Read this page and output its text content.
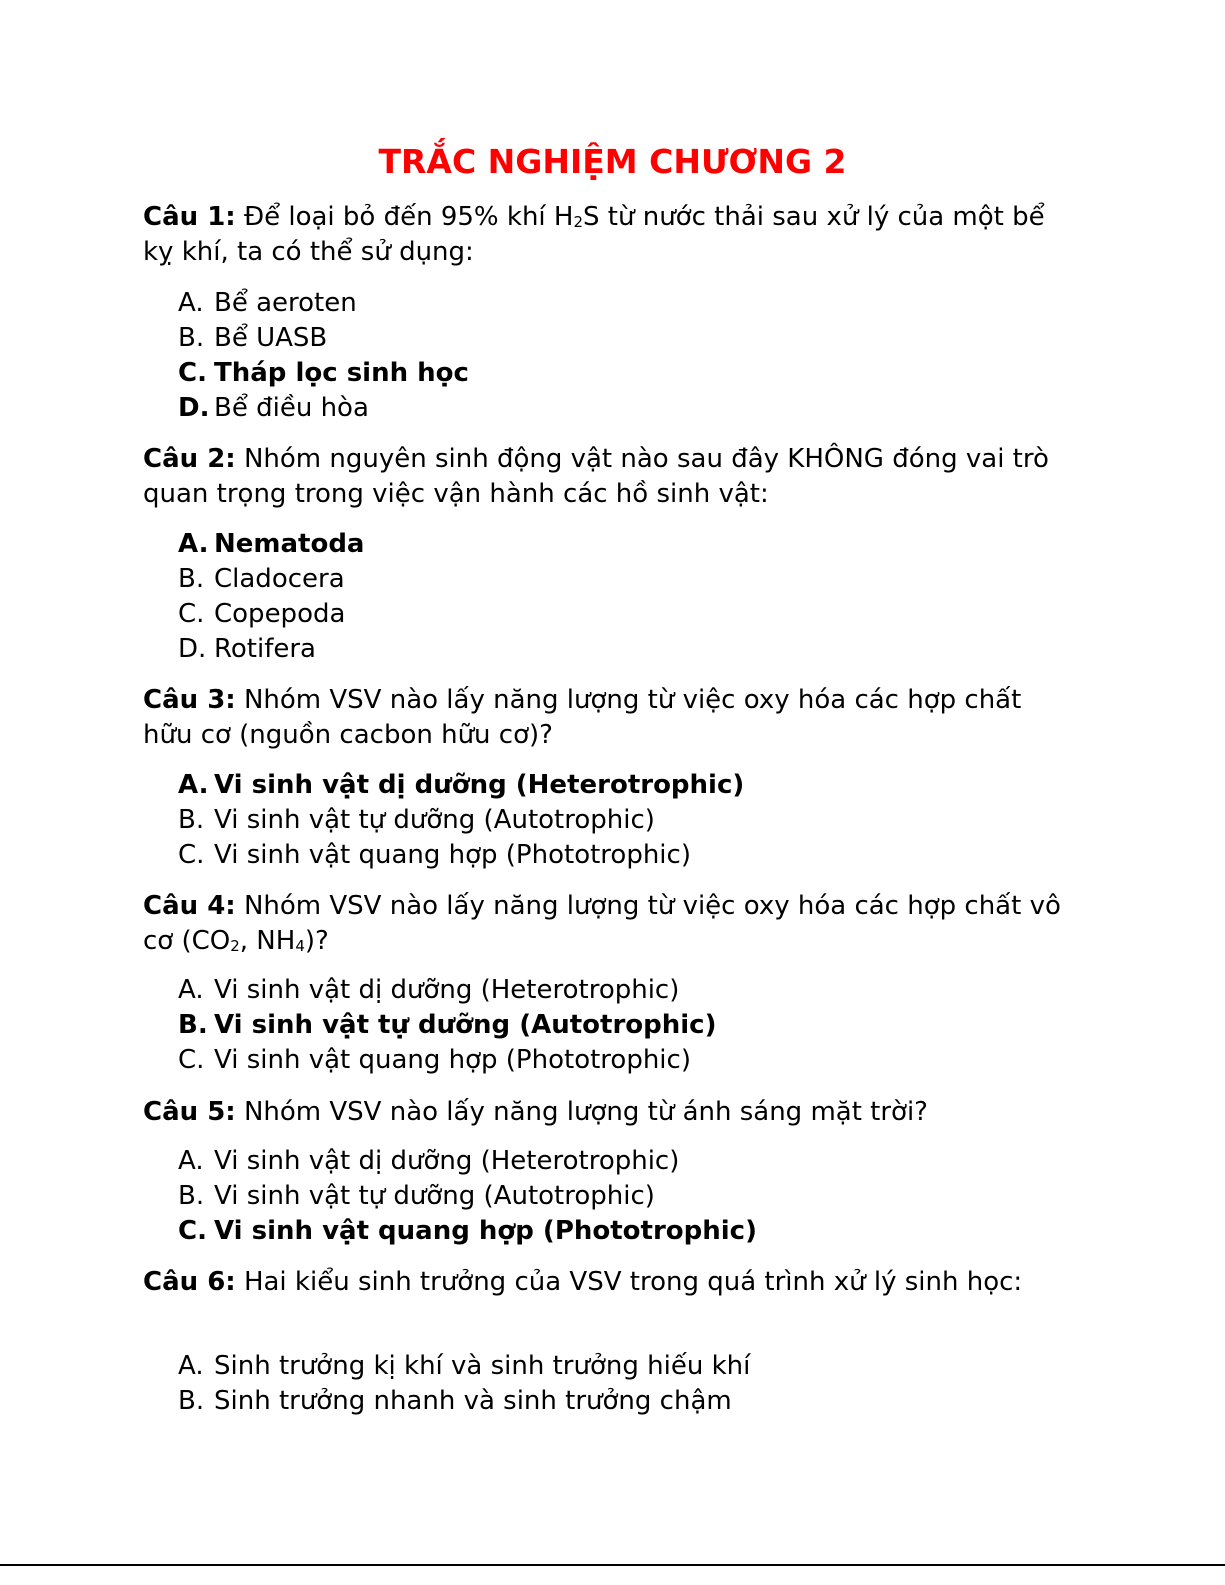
TRẮC NGHIỆM CHƯƠNG 2
Câu 1: Để loại bỏ đến 95% khí $H_2S$ từ nước thải sau xử lý của một bể kỵ khí, ta có thể sử dụng:
A. Bể aeroten
B. Bể UASB
C. Tháp lọc sinh học
D. Bể điều hòa
Câu 2: Nhóm nguyên sinh động vật nào sau đây KHÔNG đóng vai trò quan trọng trong việc vận hành các hồ sinh vật:
A. Nematoda
B. Cladocera
C. Copepoda
D. Rotifera
Câu 3: Nhóm VSV nào lấy năng lượng từ việc oxy hóa các hợp chất hữu cơ (nguồn cacbon hữu cơ)?
A. Vi sinh vật dị dưỡng (Heterotrophic)
B. Vi sinh vật tự dưỡng (Autotrophic)
C. Vi sinh vật quang hợp (Phototrophic)
Câu 4: Nhóm VSV nào lấy năng lượng từ việc oxy hóa các hợp chất vô cơ ($CO_2$, $NH_4$)?
A. Vi sinh vật dị dưỡng (Heterotrophic)
B. Vi sinh vật tự dưỡng (Autotrophic)
C. Vi sinh vật quang hợp (Phototrophic)
Câu 5: Nhóm VSV nào lấy năng lượng từ ánh sáng mặt trời?
A. Vi sinh vật dị dưỡng (Heterotrophic)
B. Vi sinh vật tự dưỡng (Autotrophic)
C. Vi sinh vật quang hợp (Phototrophic)
Câu 6: Hai kiểu sinh trưởng của VSV trong quá trình xử lý sinh học:
A. Sinh trưởng kị khí và sinh trưởng hiếu khí
B. Sinh trưởng nhanh và sinh trưởng chậm
